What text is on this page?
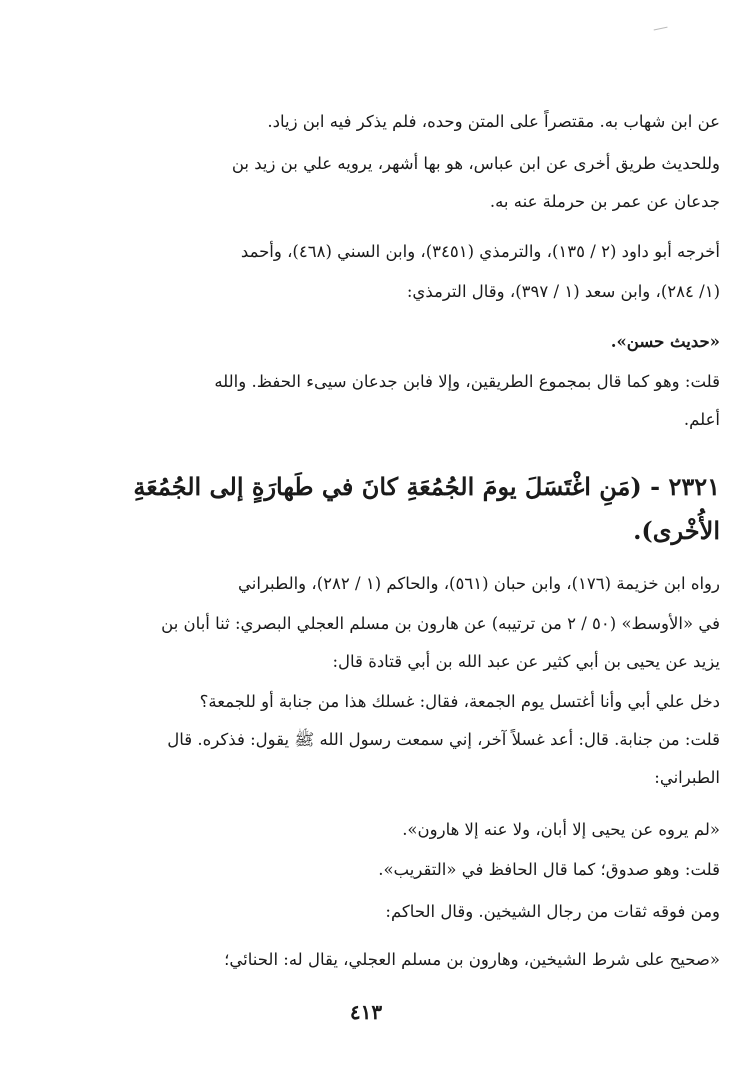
عن ابن شهاب به. مقتصراً على المتن وحده، فلم يذكر فيه ابن زياد.
وللحديث طريق أخرى عن ابن عباس، هو بها أشهر، يرويه علي بن زيد بن
جدعان عن عمر بن حرملة عنه به.
أخرجه أبو داود (٢ / ١٣٥)، والترمذي (٣٤٥١)، وابن السني (٤٦٨)، وأحمد
(١/ ٢٨٤)، وابن سعد (١ / ٣٩٧)، وقال الترمذي:
«حديث حسن».
قلت: وهو كما قال بمجموع الطريقين، وإلا فابن جدعان سيىء الحفظ. والله
أعلم.
٢٣٢١ - (مَنِ اغْتَسَلَ يومَ الجُمُعَةِ كانَ في طَهارَةٍ إلى الجُمُعَةِ
الأُخْرى).
رواه ابن خزيمة (١٧٦)، وابن حبان (٥٦١)، والحاكم (١ / ٢٨٢)، والطبراني
في «الأوسط» (٥٠ / ٢ من ترتيبه) عن هارون بن مسلم العجلي البصري: ثنا أبان بن
يزيد عن يحيى بن أبي كثير عن عبد الله بن أبي قتادة قال:
دخل علي أبي وأنا أغتسل يوم الجمعة، فقال: غسلك هذا من جنابة أو للجمعة؟
قلت: من جنابة. قال: أعد غسلاً آخر، إني سمعت رسول الله ﷺ يقول: فذكره. قال
الطبراني:
«لم يروه عن يحيى إلا أبان، ولا عنه إلا هارون».
قلت: وهو صدوق؛ كما قال الحافظ في «التقريب».
ومن فوقه ثقات من رجال الشيخين. وقال الحاكم:
«صحيح على شرط الشيخين، وهارون بن مسلم العجلي، يقال له: الحنائي؛
٤١٣
